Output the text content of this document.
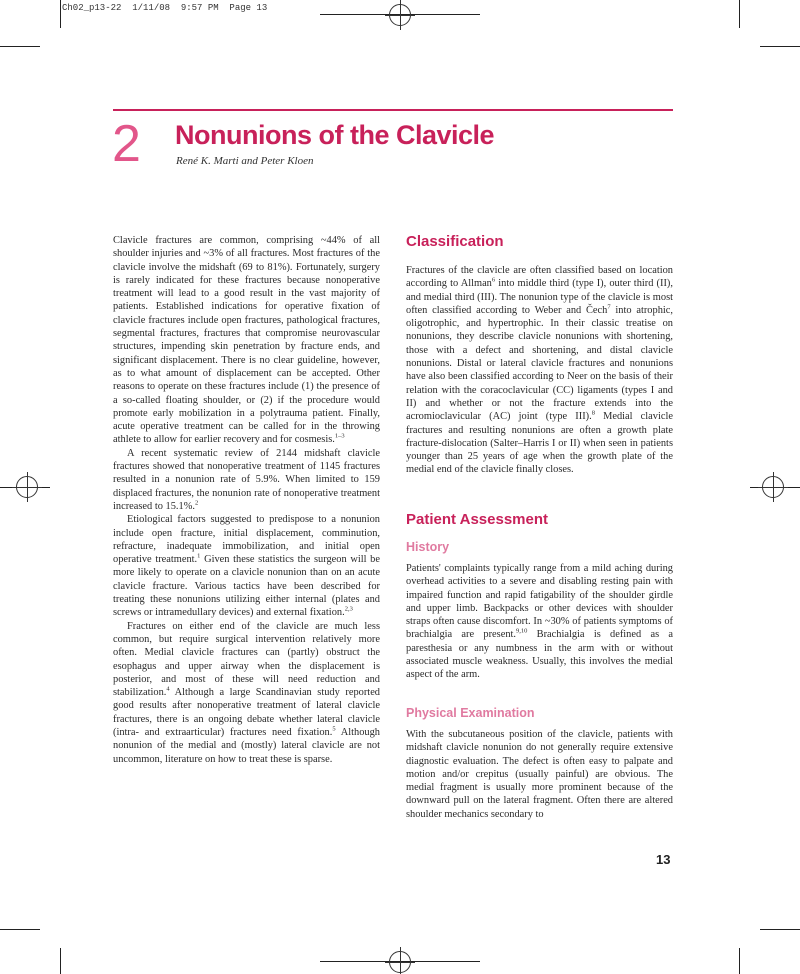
Ch02_p13-22  1/11/08  9:57 PM  Page 13
2 Nonunions of the Clavicle
René K. Marti and Peter Kloen

Clavicle fractures are common, comprising ~44% of all shoulder injuries and ~3% of all fractures. Most fractures of the clavicle involve the midshaft (69 to 81%). Fortunately, surgery is rarely indicated for these fractures because nonoperative treatment will lead to a good result in the vast majority of patients. Established indications for operative fixation of clavicle fractures include open fractures, pathological fractures, segmental fractures, fractures that compromise neurovascular structures, impending skin penetration by fracture ends, and significant displacement. There is no clear guideline, however, as to what amount of displacement can be accepted. Other reasons to operate on these fractures include (1) the presence of a so-called floating shoulder, or (2) if the procedure would promote early mobilization in a polytrauma patient. Finally, acute operative treatment can be called for in the throwing athlete to allow for earlier recovery and for cosmesis.$^{1-3}$

A recent systematic review of 2144 midshaft clavicle fractures showed that nonoperative treatment of 1145 fractures resulted in a nonunion rate of 5.9%. When limited to 159 displaced fractures, the nonunion rate of nonoperative treatment increased to 15.1%.$^2$

Etiological factors suggested to predispose to a nonunion include open fracture, initial displacement, comminution, refracture, inadequate immobilization, and initial open operative treatment.$^1$ Given these statistics the surgeon will be more likely to operate on a clavicle nonunion than on an acute clavicle fracture. Various tactics have been described for treating these nonunions utilizing either internal (plates and screws or intramedullary devices) and external fixation.$^{2,3}$

Fractures on either end of the clavicle are much less common, but require surgical intervention relatively more often. Medial clavicle fractures can (partly) obstruct the esophagus and upper airway when the displacement is posterior, and most of these will need reduction and stabilization.$^4$ Although a large Scandinavian study reported good results after nonoperative treatment of lateral clavicle fractures, there is an ongoing debate whether lateral clavicle (intra- and extraarticular) fractures need fixation.$^5$ Although nonunion of the medial and (mostly) lateral clavicle are not uncommon, literature on how to treat these is sparse.

Classification

Fractures of the clavicle are often classified based on location according to Allman$^6$ into middle third (type I), outer third (II), and medial third (III). The nonunion type of the clavicle is most often classified according to Weber and Čech$^7$ into atrophic, oligotrophic, and hypertrophic. In their classic treatise on nonunions, they describe clavicle nonunions with shortening, those with a defect and shortening, and distal clavicle nonunions. Distal or lateral clavicle fractures and nonunions have also been classified according to Neer on the basis of their relation with the coracoclavicular (CC) ligaments (types I and II) and whether or not the fracture extends into the acromioclavicular (AC) joint (type III).$^8$ Medial clavicle fractures and resulting nonunions are often a growth plate fracture-dislocation (Salter–Harris I or II) when seen in patients younger than 25 years of age when the growth plate of the medial end of the clavicle finally closes.

Patient Assessment
History

Patients' complaints typically range from a mild aching during overhead activities to a severe and disabling resting pain with impaired function and rapid fatigability of the shoulder girdle and upper limb. Backpacks or other devices with shoulder straps often cause discomfort. In ~30% of patients symptoms of brachialgia are present.$^{9,10}$ Brachialgia is defined as a paresthesia or any numbness in the arm with or without associated muscle weakness. Usually, this involves the medial aspect of the arm.

Physical Examination

With the subcutaneous position of the clavicle, patients with midshaft clavicle nonunion do not generally require extensive diagnostic evaluation. The defect is often easy to palpate and motion and/or crepitus (usually painful) are obvious. The medial fragment is usually more prominent because of the downward pull on the lateral fragment. Often there are altered shoulder mechanics secondary to

13
